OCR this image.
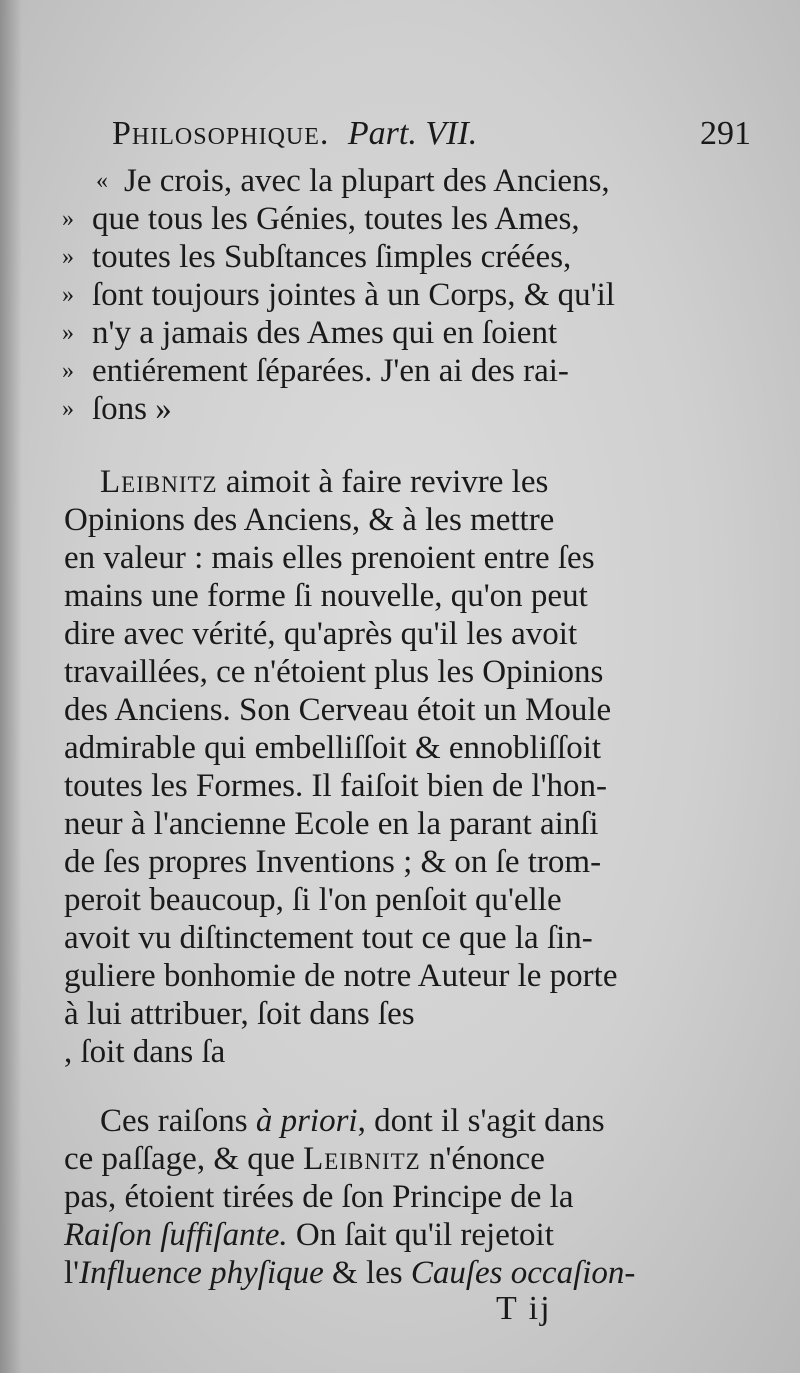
Philosophique. Part. VII.	291
« Je crois, avec la plupart des Anciens,
» que tous les Génies, toutes les Ames,
» toutes les Subſtances ſimples créées,
» ſont toujours jointes à un Corps, & qu'il
» n'y a jamais des Ames qui en ſoient
» entiérement ſéparées. J'en ai des rai-
» ſons »
Leibnitz aimoit à faire revivre les
Opinions des Anciens, & à les mettre
en valeur : mais elles prenoient entre ſes
mains une forme ſi nouvelle, qu'on peut
dire avec vérité, qu'après qu'il les avoit
travaillées, ce n'étoient plus les Opinions
des Anciens. Son Cerveau étoit un Moule
admirable qui embelliſſoit & ennobliſſoit
toutes les Formes. Il faiſoit bien de l'hon-
neur à l'ancienne Ecole en la parant ainſi
de ſes propres Inventions ; & on ſe trom-
peroit beaucoup, ſi l'on penſoit qu'elle
avoit vu diſtinctement tout ce que la ſin-
guliere bonhomie de notre Auteur le porte
à lui attribuer, ſoit dans ſes
, ſoit dans ſa
Ces raiſons à priori, dont il s'agit dans
ce paſſage, & que Leibnitz n'énonce
pas, étoient tirées de ſon Principe de la
Raiſon ſuffiſante. On ſait qu'il rejetoit
l'Influence phyſique & les Cauſes occaſion-
T ij
